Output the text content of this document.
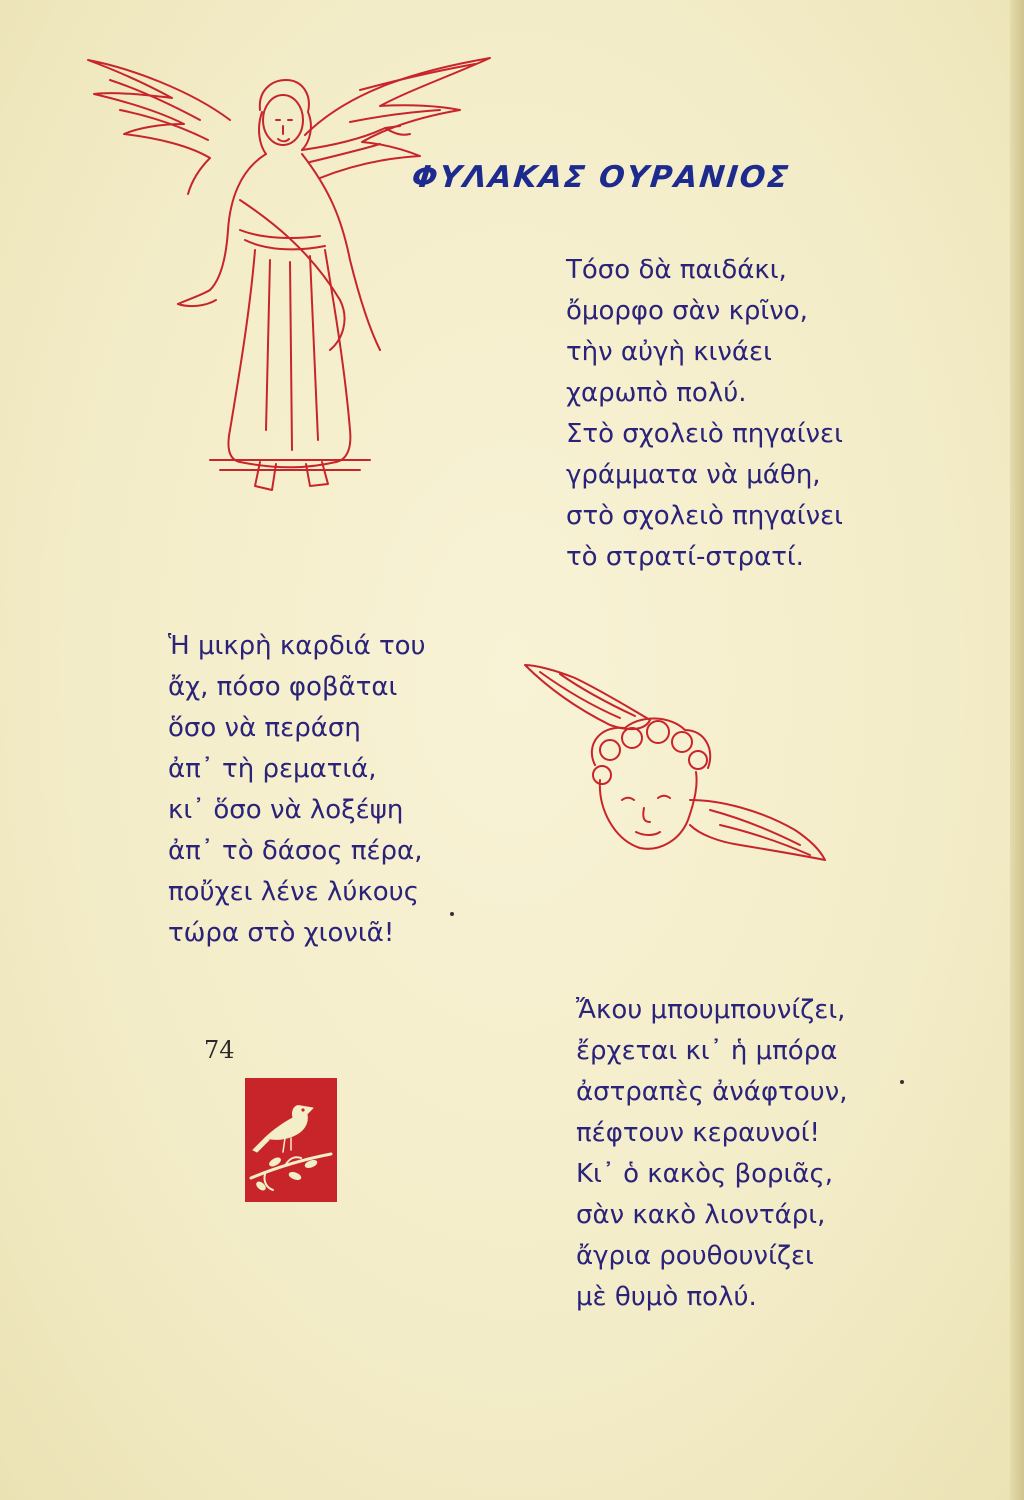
ΦΥΛΑΚΑΣ ΟΥΡΑΝΙΟΣ
Τόσο δὰ παιδάκι,
ὄμορφο σὰν κρῖνο,
τὴν αὐγὴ κινάει
χαρωπὸ πολύ.
Στὸ σχολειὸ πηγαίνει
γράμματα νὰ μάθη,
στὸ σχολειὸ πηγαίνει
τὸ στρατί-στρατί.
Ἡ μικρὴ καρδιά του
ἄχ, πόσο φοβᾶται
ὅσο νὰ περάση
ἀπ᾽ τὴ ρεματιά,
κι᾽ ὅσο νὰ λοξέψη
ἀπ᾽ τὸ δάσος πέρα,
ποὔχει λένε λύκους
τώρα στὸ χιονιᾶ!
Ἄκου μπουμπουνίζει,
ἔρχεται κι᾽ ἡ μπόρα
ἀστραπὲς ἀνάφτουν,
πέφτουν κεραυνοί!
Κι᾽ ὁ κακὸς βοριᾶς,
σὰν κακὸ λιοντάρι,
ἄγρια ρουθουνίζει
μὲ θυμὸ πολύ.
74
